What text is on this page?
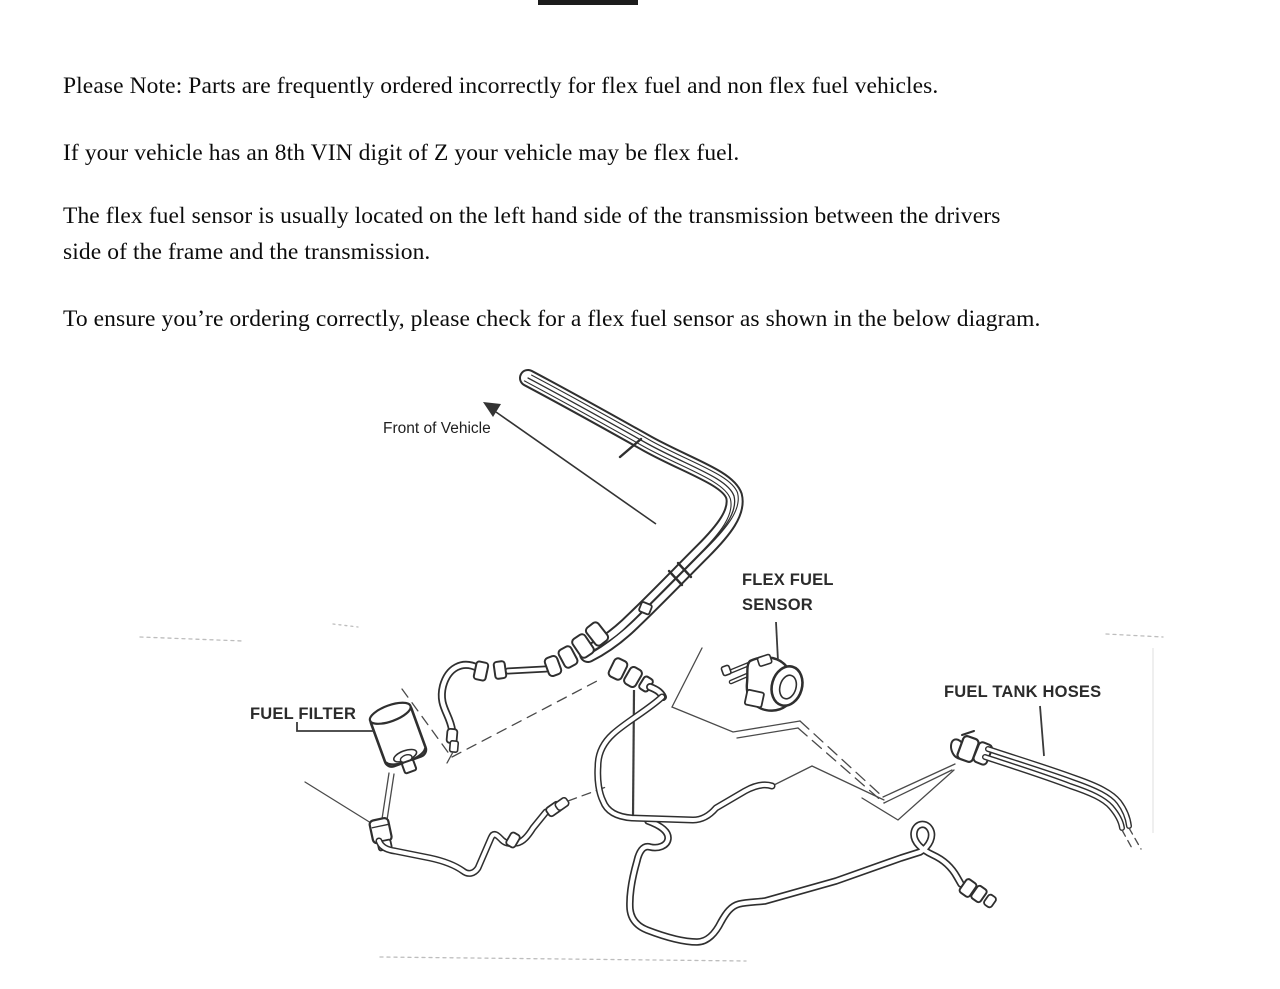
Please Note: Parts are frequently ordered incorrectly for flex fuel and non flex fuel vehicles.
If your vehicle has an 8th VIN digit of Z your vehicle may be flex fuel.
The flex fuel sensor is usually located on the left hand side of the transmission between the drivers
side of the frame and the transmission.
To ensure you’re ordering correctly, please check for a flex fuel sensor as shown in the below diagram.
Front of Vehicle
FLEX FUEL
SENSOR
FUEL FILTER
FUEL TANK HOSES
